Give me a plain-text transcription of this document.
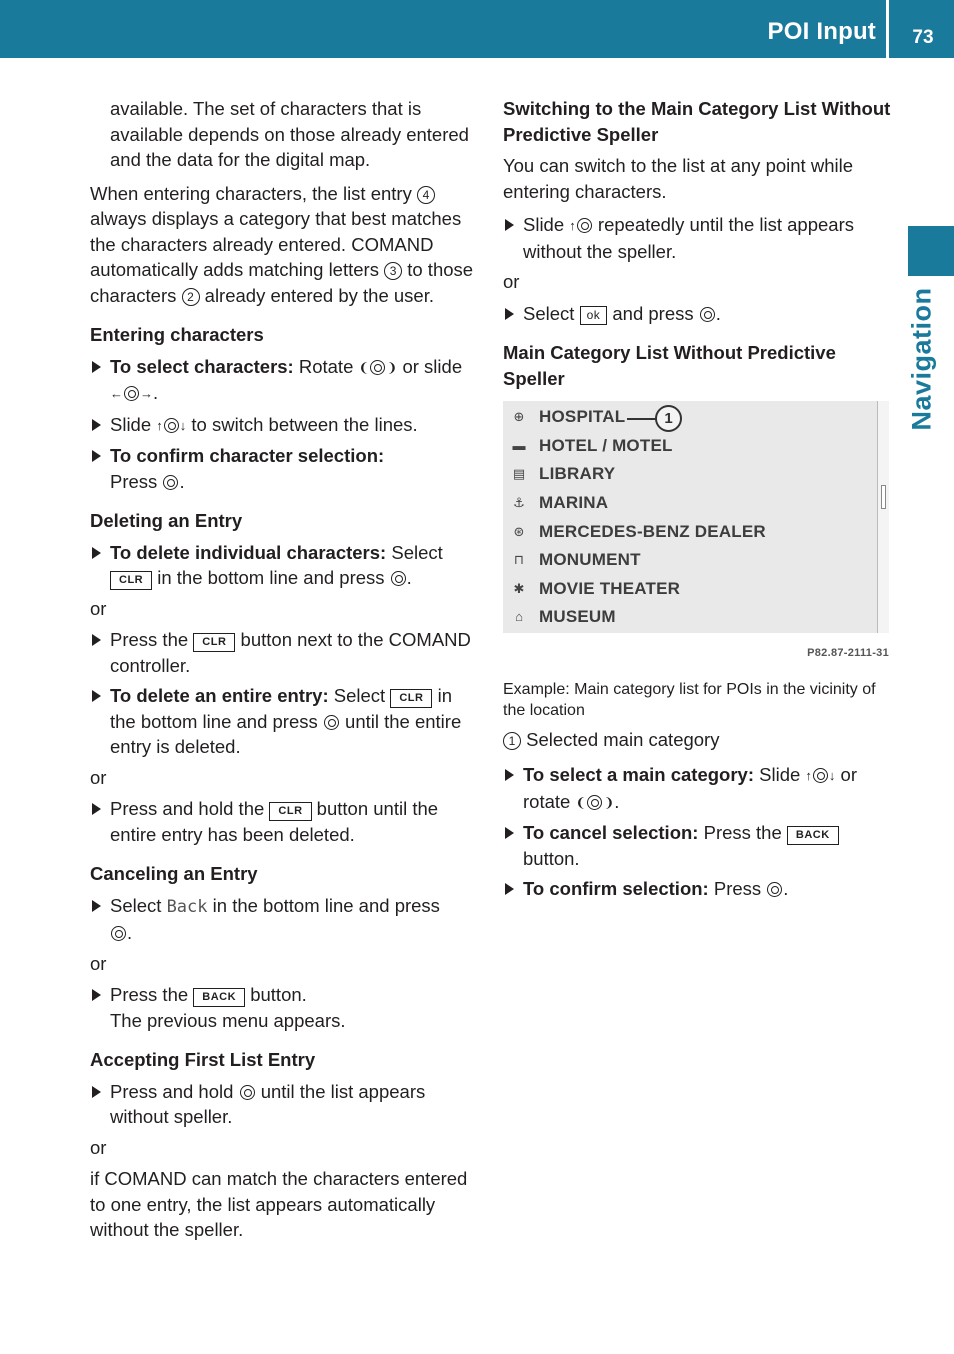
POI Input	73
Navigation
available. The set of characters that is available depends on those already entered and the data for the digital map.
When entering characters, the list entry 4 always displays a category that best matches the characters already entered. COMAND automatically adds matching letters 3 to those characters 2 already entered by the user.
Entering characters
To select characters: Rotate ❨ ❩ or slide
← →.
Slide ↑ ↓ to switch between the lines.
To confirm character selection:
Press .
Deleting an Entry
To delete individual characters: Select
CLR in the bottom line and press .
or
Press the CLR button next to the COMAND controller.
To delete an entire entry: Select CLR in the bottom line and press  until the entire entry is deleted.
or
Press and hold the CLR button until the entire entry has been deleted.
Canceling an Entry
Select Back in the bottom line and press
.
or
Press the BACK button.
The previous menu appears.
Accepting First List Entry
Press and hold  until the list appears without speller.
or
if COMAND can match the characters entered to one entry, the list appears automatically without the speller.
Switching to the Main Category List Without Predictive Speller
You can switch to the list at any point while entering characters.
Slide ↑ repeatedly until the list appears without the speller.
or
Select ok and press .
Main Category List Without Predictive Speller
⊕ HOSPITAL
▬ HOTEL / MOTEL
▤ LIBRARY
⚓ MARINA
⊛ MERCEDES-BENZ DEALER
⊓ MONUMENT
✱ MOVIE THEATER
⌂ MUSEUM
1
P82.87-2111-31
Example: Main category list for POIs in the vicinity of the location
1 Selected main category
To select a main category: Slide ↑ ↓ or rotate ❨ ❩.
To cancel selection: Press the BACK
button.
To confirm selection: Press .
